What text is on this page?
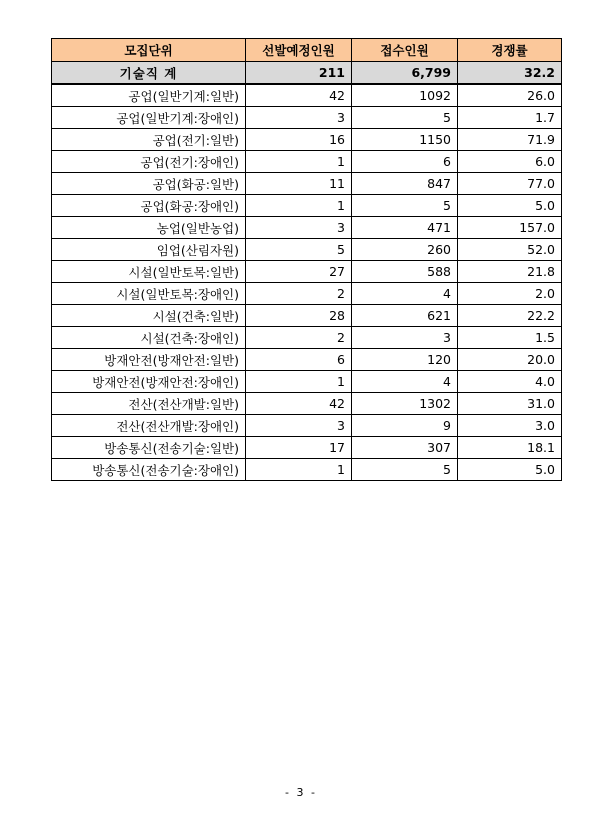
모집단위	선발예정인원	접수인원	경쟁률
기술직 계	211	6,799	32.2
공업(일반기계:일반)	42	1092	26.0
공업(일반기계:장애인)	3	5	1.7
공업(전기:일반)	16	1150	71.9
공업(전기:장애인)	1	6	6.0
공업(화공:일반)	11	847	77.0
공업(화공:장애인)	1	5	5.0
농업(일반농업)	3	471	157.0
임업(산림자원)	5	260	52.0
시설(일반토목:일반)	27	588	21.8
시설(일반토목:장애인)	2	4	2.0
시설(건축:일반)	28	621	22.2
시설(건축:장애인)	2	3	1.5
방재안전(방재안전:일반)	6	120	20.0
방재안전(방재안전:장애인)	1	4	4.0
전산(전산개발:일반)	42	1302	31.0
전산(전산개발:장애인)	3	9	3.0
방송통신(전송기술:일반)	17	307	18.1
방송통신(전송기술:장애인)	1	5	5.0
- 3 -
